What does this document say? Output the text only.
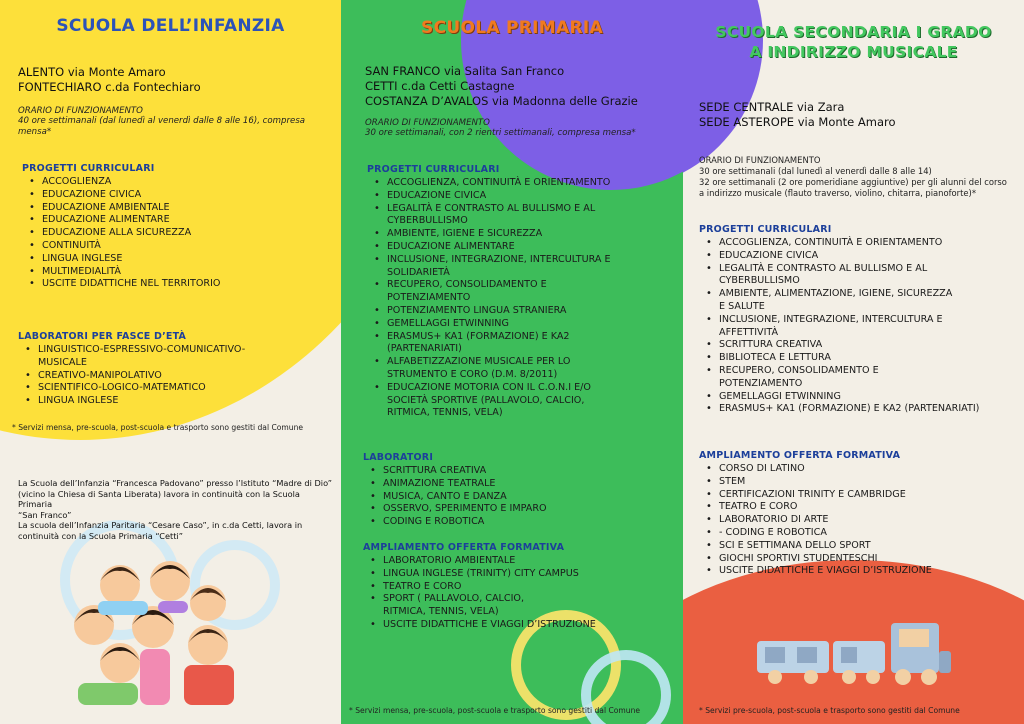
SCUOLA DELL’INFANZIA
ALENTO via Monte Amaro
FONTECHIARO c.da Fontechiaro
ORARIO DI FUNZIONAMENTO
40 ore settimanali (dal lunedì al venerdì dalle 8 alle 16), compresa mensa*
PROGETTI CURRICULARI
• ACCOGLIENZA
• EDUCAZIONE CIVICA
• EDUCAZIONE AMBIENTALE
• EDUCAZIONE ALIMENTARE
• EDUCAZIONE ALLA SICUREZZA
• CONTINUITÀ
• LINGUA INGLESE
• MULTIMEDIALITÀ
• USCITE DIDATTICHE NEL TERRITORIO
LABORATORI PER FASCE D’ETÀ
• LINGUISTICO-ESPRESSIVO-COMUNICATIVO-
MUSICALE
• CREATIVO-MANIPOLATIVO
• SCIENTIFICO-LOGICO-MATEMATICO
• LINGUA INGLESE
* Servizi mensa, pre-scuola, post-scuola e trasporto sono gestiti dal Comune
La Scuola dell’Infanzia “Francesca Padovano” presso l’Istituto “Madre di Dio”
(vicino la Chiesa di Santa Liberata) lavora in continuità con la Scuola Primaria
“San Franco”
La scuola dell’Infanzia Paritaria “Cesare Caso”, in c.da Cetti, lavora in
continuità con la Scuola Primaria “Cetti”
SCUOLA PRIMARIA
SAN FRANCO via Salita San Franco
CETTI c.da Cetti Castagne
COSTANZA D’AVALOS via Madonna delle Grazie
ORARIO DI FUNZIONAMENTO
30 ore settimanali, con 2 rientri settimanali, compresa mensa*
PROGETTI CURRICULARI
• ACCOGLIENZA, CONTINUITÀ E ORIENTAMENTO
• EDUCAZIONE CIVICA
• LEGALITÀ E CONTRASTO AL BULLISMO E AL
CYBERBULLISMO
• AMBIENTE, IGIENE E SICUREZZA
• EDUCAZIONE ALIMENTARE
• INCLUSIONE, INTEGRAZIONE, INTERCULTURA E
SOLIDARIETÀ
• RECUPERO, CONSOLIDAMENTO E
POTENZIAMENTO
• POTENZIAMENTO LINGUA STRANIERA
• GEMELLAGGI ETWINNING
• ERASMUS+ KA1 (FORMAZIONE) E KA2
(PARTENARIATI)
• ALFABETIZZAZIONE MUSICALE PER LO
STRUMENTO E CORO (D.M. 8/2011)
• EDUCAZIONE MOTORIA CON IL C.O.N.I E/O
SOCIETÀ SPORTIVE (PALLAVOLO, CALCIO,
RITMICA, TENNIS, VELA)
LABORATORI
• SCRITTURA CREATIVA
• ANIMAZIONE TEATRALE
• MUSICA, CANTO E DANZA
• OSSERVO, SPERIMENTO E IMPARO
• CODING E ROBOTICA
AMPLIAMENTO OFFERTA FORMATIVA
• LABORATORIO AMBIENTALE
• LINGUA INGLESE (TRINITY) CITY CAMPUS
• TEATRO E CORO
• SPORT ( PALLAVOLO, CALCIO,
RITMICA, TENNIS, VELA)
• USCITE DIDATTICHE E VIAGGI D’ISTRUZIONE
* Servizi mensa, pre-scuola, post-scuola e trasporto sono gestiti dal Comune
SCUOLA SECONDARIA I GRADO
A INDIRIZZO MUSICALE
SEDE CENTRALE via Zara
SEDE ASTEROPE via Monte Amaro
ORARIO DI FUNZIONAMENTO
30 ore settimanali (dal lunedì al venerdì dalle 8 alle 14)
32 ore settimanali (2 ore pomeridiane aggiuntive) per gli alunni del corso
a indirizzo musicale (flauto traverso, violino, chitarra, pianoforte)*
PROGETTI CURRICULARI
• ACCOGLIENZA, CONTINUITÀ E ORIENTAMENTO
• EDUCAZIONE CIVICA
• LEGALITÀ E CONTRASTO AL BULLISMO E AL
CYBERBULLISMO
• AMBIENTE, ALIMENTAZIONE, IGIENE, SICUREZZA
E SALUTE
• INCLUSIONE, INTEGRAZIONE, INTERCULTURA E
AFFETTIVITÀ
• SCRITTURA CREATIVA
• BIBLIOTECA E LETTURA
• RECUPERO, CONSOLIDAMENTO E
POTENZIAMENTO
• GEMELLAGGI ETWINNING
• ERASMUS+ KA1 (FORMAZIONE) E KA2 (PARTENARIATI)
AMPLIAMENTO OFFERTA FORMATIVA
• CORSO DI LATINO
• STEM
• CERTIFICAZIONI TRINITY E CAMBRIDGE
• TEATRO E CORO
• LABORATORIO DI ARTE
• - CODING E ROBOTICA
• SCI E SETTIMANA DELLO SPORT
• GIOCHI SPORTIVI STUDENTESCHI
• USCITE DIDATTICHE E VIAGGI D’ISTRUZIONE
* Servizi pre-scuola, post-scuola e trasporto sono gestiti dal Comune
